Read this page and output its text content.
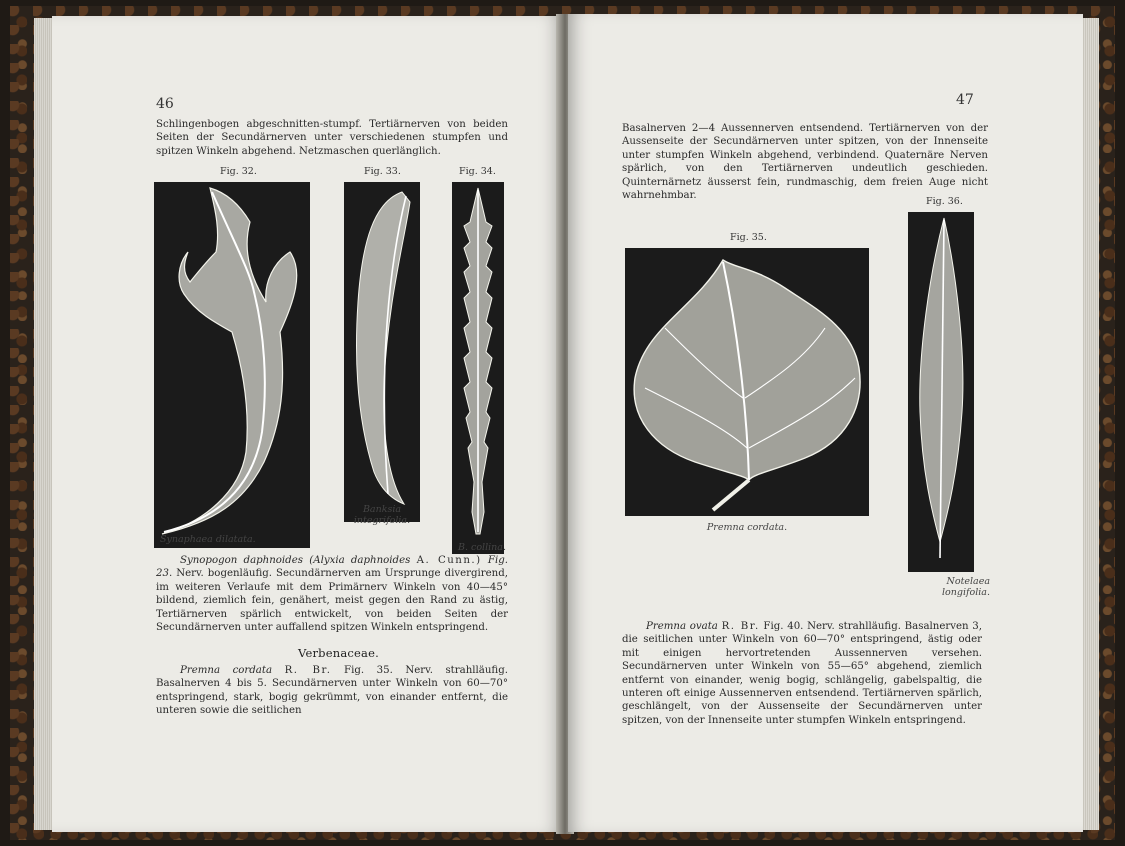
46

Schlingenbogen abgeschnitten-stumpf. Tertiärnerven von beiden Seiten der Secundärnerven unter verschiedenen stumpfen und spitzen Winkeln abgehend. Netzmaschen querlänglich.

Fig. 32.	Fig. 33.	Fig. 34.
Synaphaea dilatata.
Banksia integrifolia.
B. collina.

Synopogon daphnoides (Alyxia daphnoides A. Cunn.) Fig. 23. Nerv. bogenläufig. Secundärnerven am Ursprunge divergirend, im weiteren Verlaufe mit dem Primärnerv Winkeln von 40—45° bildend, ziemlich fein, genähert, meist gegen den Rand zu ästig, Tertiärnerven spärlich entwickelt, von beiden Seiten der Secundärnerven unter auffallend spitzen Winkeln entspringend.

Verbenaceae.

Premna cordata R. Br. Fig. 35. Nerv. strahlläufig. Basalnerven 4 bis 5. Secundärnerven unter Winkeln von 60—70° entspringend, stark, bogig gekrümmt, von einander entfernt, die unteren sowie die seitlichen

47

Basalnerven 2—4 Aussennerven entsendend. Tertiärnerven von der Aussenseite der Secundärnerven unter spitzen, von der Innenseite unter stumpfen Winkeln abgehend, verbindend. Quaternäre Nerven spärlich, von den Tertiärnerven undeutlich geschieden. Quinternärnetz äusserst fein, rundmaschig, dem freien Auge nicht wahrnehmbar.

Fig. 36.
Fig. 35.
Premna cordata.
Notelaea longifolia.

Premna ovata R. Br. Fig. 40. Nerv. strahlläufig. Basalnerven 3, die seitlichen unter Winkeln von 60—70° entspringend, ästig oder mit einigen hervortretenden Aussennerven versehen. Secundärnerven unter Winkeln von 55—65° abgehend, ziemlich entfernt von einander, wenig bogig, schlängelig, gabelspaltig, die unteren oft einige Aussennerven entsendend. Tertiärnerven spärlich, geschlängelt, von der Aussenseite der Secundärnerven unter spitzen, von der Innenseite unter stumpfen Winkeln entspringend.
